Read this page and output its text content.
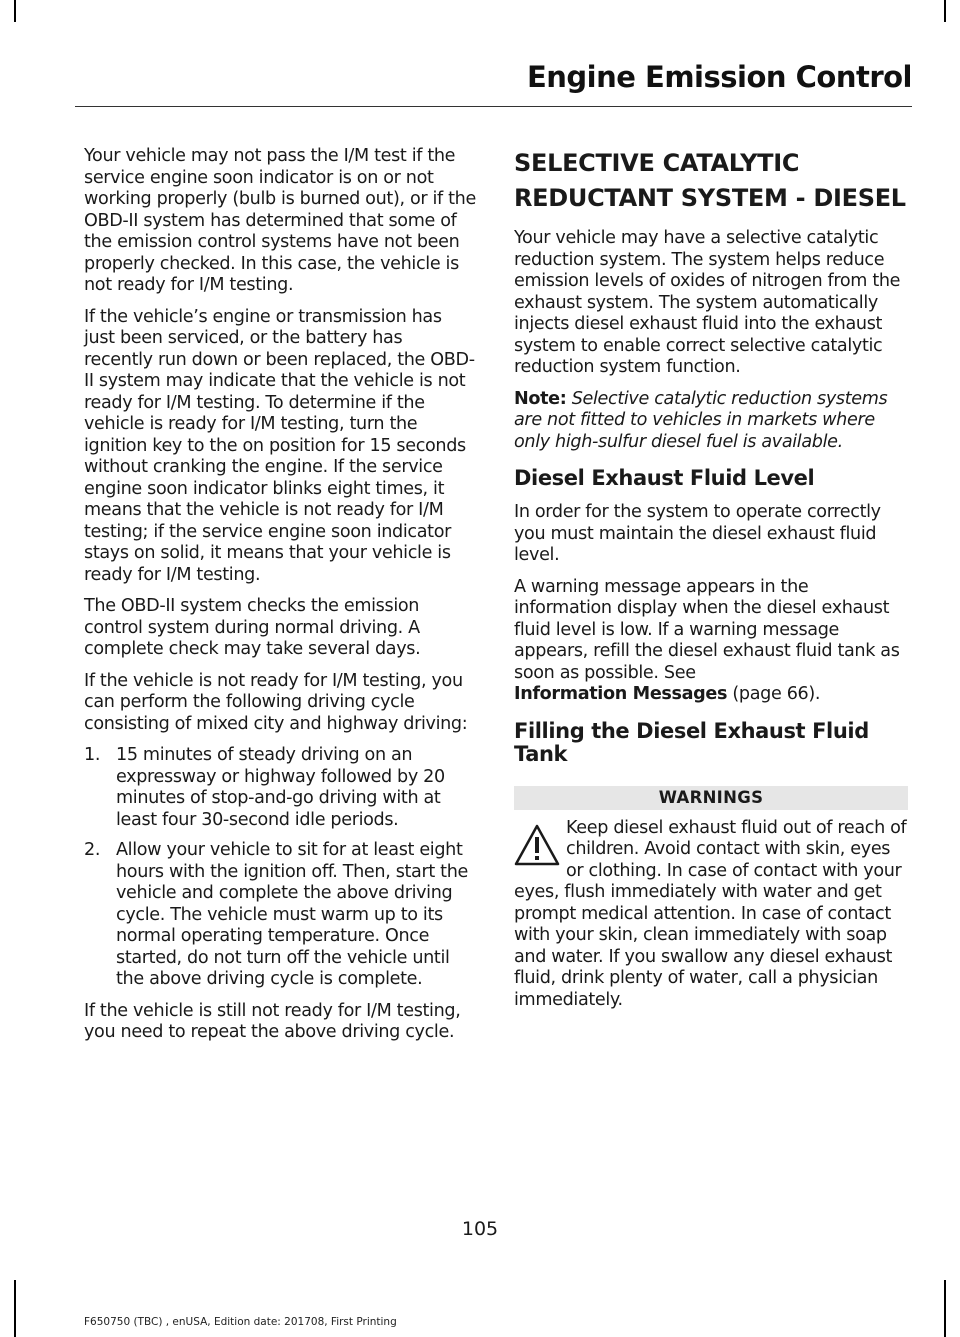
Engine Emission Control

Your vehicle may not pass the I/M test if the service engine soon indicator is on or not working properly (bulb is burned out), or if the OBD-II system has determined that some of the emission control systems have not been properly checked. In this case, the vehicle is not ready for I/M testing.

If the vehicle’s engine or transmission has just been serviced, or the battery has recently run down or been replaced, the OBD-II system may indicate that the vehicle is not ready for I/M testing. To determine if the vehicle is ready for I/M testing, turn the ignition key to the on position for 15 seconds without cranking the engine. If the service engine soon indicator blinks eight times, it means that the vehicle is not ready for I/M testing; if the service engine soon indicator stays on solid, it means that your vehicle is ready for I/M testing.

The OBD-II system checks the emission control system during normal driving. A complete check may take several days.

If the vehicle is not ready for I/M testing, you can perform the following driving cycle consisting of mixed city and highway driving:

1. 15 minutes of steady driving on an expressway or highway followed by 20 minutes of stop-and-go driving with at least four 30-second idle periods.
2. Allow your vehicle to sit for at least eight hours with the ignition off. Then, start the vehicle and complete the above driving cycle. The vehicle must warm up to its normal operating temperature. Once started, do not turn off the vehicle until the above driving cycle is complete.

If the vehicle is still not ready for I/M testing, you need to repeat the above driving cycle.

SELECTIVE CATALYTIC
REDUCTANT SYSTEM - DIESEL

Your vehicle may have a selective catalytic reduction system. The system helps reduce emission levels of oxides of nitrogen from the exhaust system. The system automatically injects diesel exhaust fluid into the exhaust system to enable correct selective catalytic reduction system function.

Note: Selective catalytic reduction systems are not fitted to vehicles in markets where only high-sulfur diesel fuel is available.

Diesel Exhaust Fluid Level

In order for the system to operate correctly you must maintain the diesel exhaust fluid level.

A warning message appears in the information display when the diesel exhaust fluid level is low. If a warning message appears, refill the diesel exhaust fluid tank as soon as possible. See
Information Messages (page 66).

Filling the Diesel Exhaust Fluid Tank
WARNINGS
Keep diesel exhaust fluid out of reach of children. Avoid contact with skin, eyes or clothing. In case of contact with your eyes, flush immediately with water and get prompt medical attention. In case of contact with your skin, clean immediately with soap and water. If you swallow any diesel exhaust fluid, drink plenty of water, call a physician immediately.
105
F650750 (TBC) , enUSA, Edition date: 201708, First Printing
